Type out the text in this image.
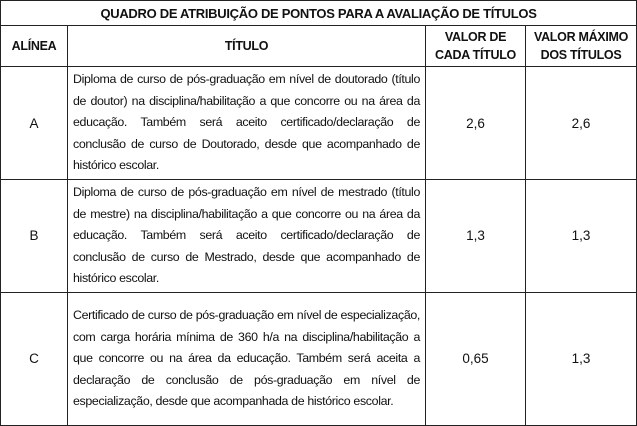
QUADRO DE ATRIBUIÇÃO DE PONTOS PARA A AVALIAÇÃO DE TÍTULOS			
ALÍNEA	TÍTULO	VALOR DE CADA TÍTULO	VALOR MÁXIMO DOS TÍTULOS
A	Diploma de curso de pós-graduação em nível de doutorado (título de doutor) na disciplina/habilitação a que concorre ou na área da educação. Também será aceito certificado/declaração de conclusão de curso de Doutorado, desde que acompanhado de histórico escolar.	2,6	2,6
B	Diploma de curso de pós-graduação em nível de mestrado (título de mestre) na disciplina/habilitação a que concorre ou na área da educação. Também será aceito certificado/declaração de conclusão de curso de Mestrado, desde que acompanhado de histórico escolar.	1,3	1,3
C	Certificado de curso de pós-graduação em nível de especialização, com carga horária mínima de 360 h/a na disciplina/habilitação a que concorre ou na área da educação. Também será aceita a declaração de conclusão de pós-graduação em nível de especialização, desde que acompanhada de histórico escolar.	0,65	1,3
